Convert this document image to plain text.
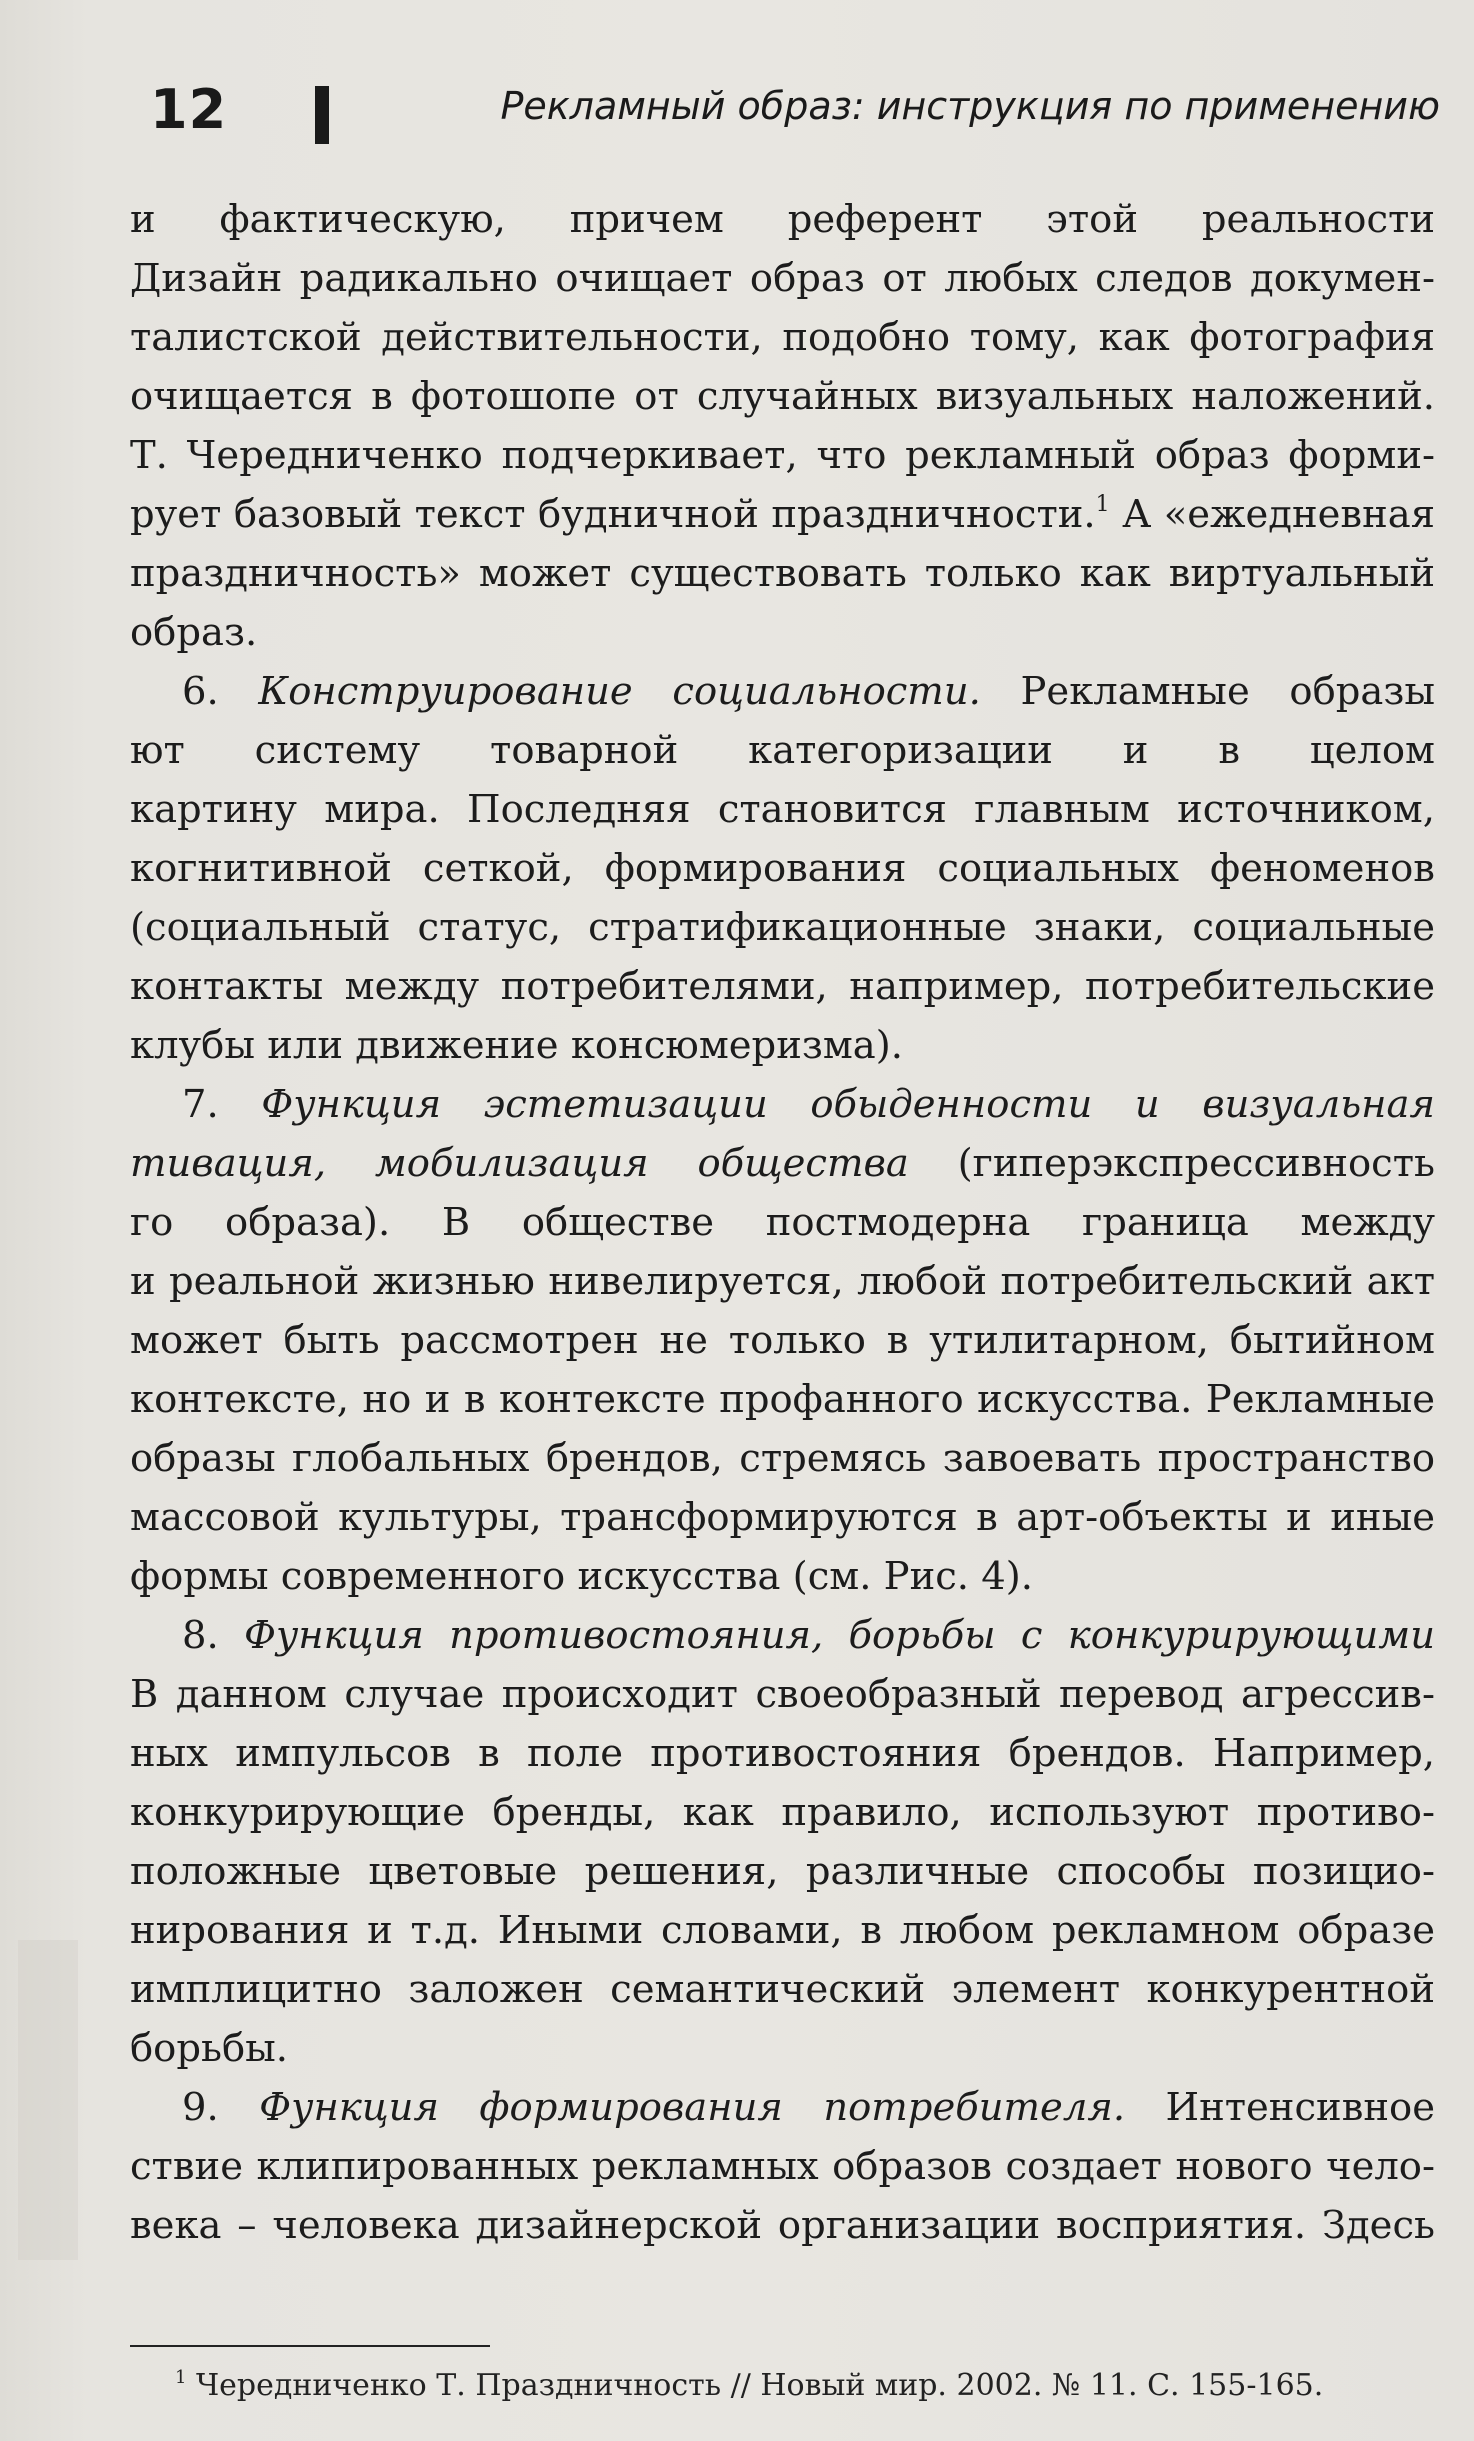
12	Рекламный образ: инструкция по применению
и фактическую, причем референт этой реальности
Дизайн радикально очищает образ от любых следов докумен-
талистской действительности, подобно тому, как фотография
очищается в фотошопе от случайных визуальных наложений.
Т. Чередниченко подчеркивает, что рекламный образ форми-
рует базовый текст будничной праздничности.$^1$ А «ежедневная
праздничность» может существовать только как виртуальный
образ.
6. Конструирование социальности. Рекламные образы
ют систему товарной категоризации и в целом
картину мира. Последняя становится главным источником,
когнитивной сеткой, формирования социальных феноменов
(социальный статус, стратификационные знаки, социальные
контакты между потребителями, например, потребительские
клубы или движение консюмеризма).
7. Функция эстетизации обыденности и визуальная
тивация, мобилизация общества (гиперэкспрессивность
го образа). В обществе постмодерна граница между
и реальной жизнью нивелируется, любой потребительский акт
может быть рассмотрен не только в утилитарном, бытийном
контексте, но и в контексте профанного искусства. Рекламные
образы глобальных брендов, стремясь завоевать пространство
массовой культуры, трансформируются в арт-объекты и иные
формы современного искусства (см. Рис. 4).
8. Функция противостояния, борьбы с конкурирующими
В данном случае происходит своеобразный перевод агрессив-
ных импульсов в поле противостояния брендов. Например,
конкурирующие бренды, как правило, используют противо-
положные цветовые решения, различные способы позицио-
нирования и т.д. Иными словами, в любом рекламном образе
имплицитно заложен семантический элемент конкурентной
борьбы.
9. Функция формирования потребителя. Интенсивное
ствие клипированных рекламных образов создает нового чело-
века – человека дизайнерской организации восприятия. Здесь
$^1$ Чередниченко Т. Праздничность // Новый мир. 2002. № 11. С. 155-165.
